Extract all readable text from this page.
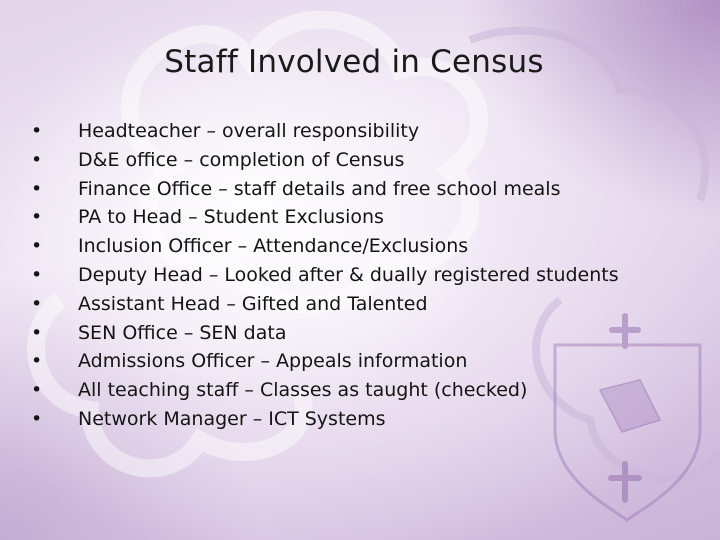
Staff Involved in Census
• Headteacher – overall responsibility
• D&E office – completion of Census
• Finance Office – staff details and free school meals
• PA to Head – Student Exclusions
• Inclusion Officer – Attendance/Exclusions
• Deputy Head – Looked after & dually registered students
• Assistant Head – Gifted and Talented
• SEN Office – SEN data
• Admissions Officer – Appeals information
• All teaching staff – Classes as taught (checked)
• Network Manager – ICT Systems
